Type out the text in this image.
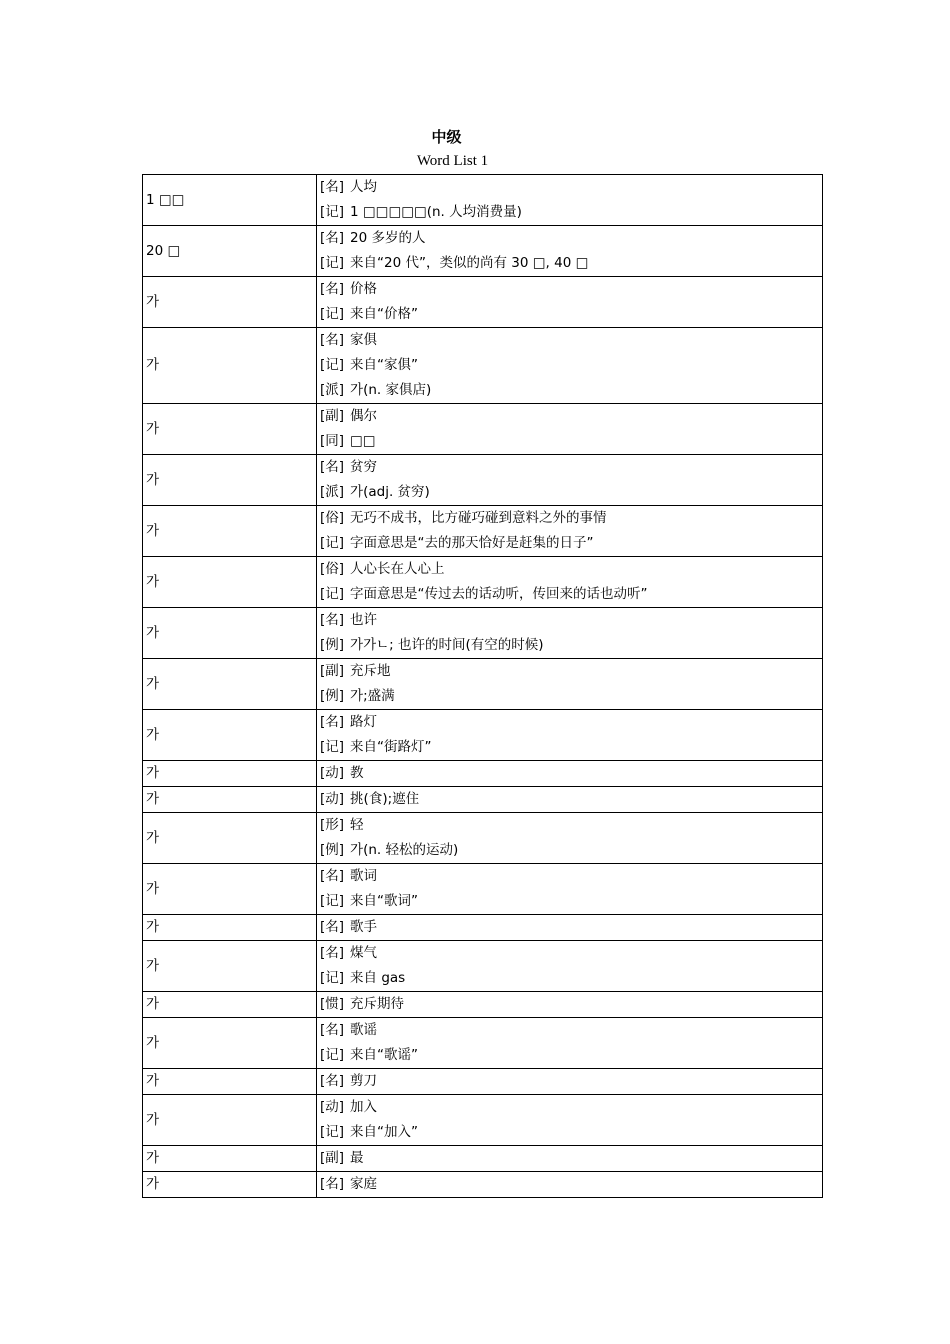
中级
Word List 1
1 □□	[名] 人均
[记] 1 □□□□□(n. 人均消费量)

20 □	[名] 20 多岁的人
[记] 来自“20 代”，类似的尚有 30 □, 40 □

가	[名] 价格
[记] 来自“价格”

가	[名] 家俱
[记] 来自“家俱”
[派] 가(n. 家俱店)

가	[副] 偶尔
[同] □□

가	[名] 贫穷
[派] 가(adj. 贫穷)

가	[俗] 无巧不成书，比方碰巧碰到意料之外的事情
[记] 字面意思是“去的那天恰好是赶集的日子”

가	[俗] 人心长在人心上
[记] 字面意思是“传过去的话动听，传回来的话也动听”

가	[名] 也许
[例] 가가ㄴ; 也许的时间(有空的时候)

가	[副] 充斥地
[例] 가;盛满

가	[名] 路灯
[记] 来自“街路灯”

가	[动] 教

가	[动] 挑(食);遮住

가	[形] 轻
[例] 가(n. 轻松的运动)

가	[名] 歌词
[记] 来自“歌词”

가	[名] 歌手

가	[名] 煤气
[记] 来自 gas

가	[惯] 充斥期待

가	[名] 歌谣
[记] 来自“歌谣”

가	[名] 剪刀

가	[动] 加入
[记] 来自“加入”

가	[副] 最

가	[名] 家庭
